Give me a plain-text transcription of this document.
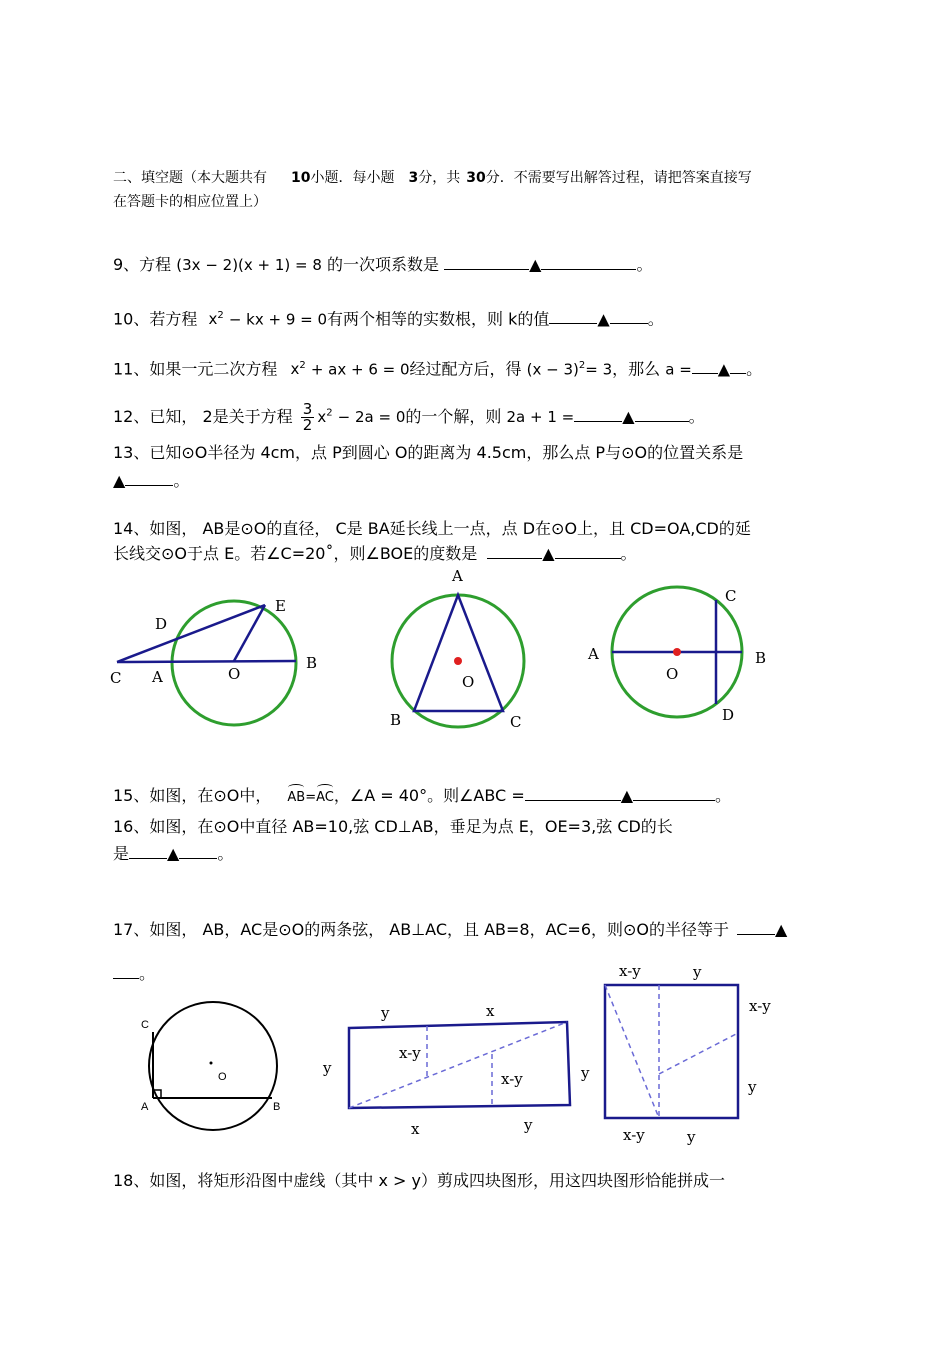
二、填空题（本大题共有 10小题．每小题 3分，共 30分．不需要写出解答过程，请把答案直接写
在答题卡的相应位置上）
9、方程 (3x − 2)(x + 1) = 8 的一次项系数是	▲	。
10、若方程 $x^2$ − kx + 9 = 0有两个相等的实数根，则 k的值	▲ 。
11、如果一元二次方程 $x^2$ + ax + 6 = 0经过配方后，得 $(x - 3)^2= 3$，那么 a = ▲ 。
12、已知， 2是关于方程 $\frac{3}{2} x^2 - 2a = 0$的一个解，则 2a + 1 =	▲	。
13、已知⊙O半径为 4cm，点 P到圆心 O的距离为 4.5cm，那么点 P与⊙O的位置关系是
▲	。
14、如图， AB是⊙O的直径， C是 BA延长线上一点，点 D在⊙O上，且 CD=OA,CD的延
长线交⊙O于点 E。若∠C=20˚，则∠BOE的度数是	▲	。
C A	O
B
D
E
A
B	C
O
A	B
C
D
O
15、如图，在⊙O中， AB=AC，∠A = 40°。则∠ABC =	▲	。
16、如图，在⊙O中直径 AB=10,弦 CD⊥AB，垂足为点 E，OE=3,弦 CD的长
是 ▲ 。
17、如图， AB，AC是⊙O的两条弦， AB⊥AC，且 AB=8，AC=6，则⊙O的半径等于	▲
。
C
A	B
O
y	x
y	y
x	y
x-y
x-y
x-y	y
x-y
y
x-y	y
18、如图，将矩形沿图中虚线（其中 x > y）剪成四块图形，用这四块图形恰能拼成一
